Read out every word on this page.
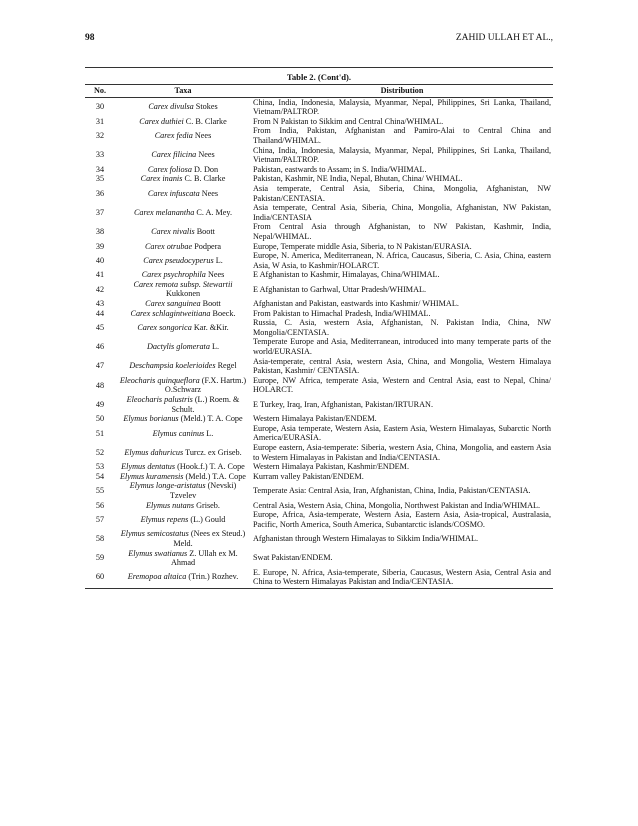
98	ZAHID ULLAH ET AL.,
Table 2. (Cont'd).
No.	Taxa	Distribution
30	Carex divulsa Stokes	China, India, Indonesia, Malaysia, Myanmar, Nepal, Philippines, Sri Lanka, Thailand, Vietnam/PALTROP.
31	Carex duthiei C. B. Clarke	From N Pakistan to Sikkim and Central China/WHIMAL.
32	Carex fedia Nees	From India, Pakistan, Afghanistan and Pamiro-Alai to Central China and Thailand/WHIMAL.
33	Carex filicina Nees	China, India, Indonesia, Malaysia, Myanmar, Nepal, Philippines, Sri Lanka, Thailand, Vietnam/PALTROP.
34	Carex foliosa D. Don	Pakistan, eastwards to Assam; in S. India/WHIMAL.
35	Carex inanis C. B. Clarke	Pakistan, Kashmir, NE India, Nepal, Bhutan, China/ WHIMAL.
36	Carex infuscata Nees	Asia temperate, Central Asia, Siberia, China, Mongolia, Afghanistan, NW Pakistan/CENTASIA.
37	Carex melanantha C. A. Mey.	Asia temperate, Central Asia, Siberia, China, Mongolia, Afghanistan, NW Pakistan, India/CENTASIA
38	Carex nivalis Boott	From Central Asia through Afghanistan, to NW Pakistan, Kashmir, India, Nepal/WHIMAL.
39	Carex otrubae Podpera	Europe, Temperate middle Asia, Siberia, to N Pakistan/EURASIA.
40	Carex pseudocyperus L.	Europe, N. America, Mediterranean, N. Africa, Caucasus, Siberia, C. Asia, China, eastern Asia, W Asia, to Kashmir/HOLARCT.
41	Carex psychrophila Nees	E Afghanistan to Kashmir, Himalayas, China/WHIMAL.
42	Carex remota subsp. Stewartii Kukkonen	E Afghanistan to Garhwal, Uttar Pradesh/WHIMAL.
43	Carex sanguinea Boott	Afghanistan and Pakistan, eastwards into Kashmir/ WHIMAL.
44	Carex schlagintweitiana Boeck.	From Pakistan to Himachal Pradesh, India/WHIMAL.
45	Carex songorica Kar. &Kir.	Russia, C. Asia, western Asia, Afghanistan, N. Pakistan India, China, NW Mongolia/CENTASIA.
46	Dactylis glomerata L.	Temperate Europe and Asia, Mediterranean, introduced into many temperate parts of the world/EURASIA.
47	Deschampsia koelerioides Regel	Asia-temperate, central Asia, western Asia, China, and Mongolia, Western Himalaya Pakistan, Kashmir/ CENTASIA.
48	Eleocharis quinqueflora (F.X. Hartm.) O.Schwarz	Europe, NW Africa, temperate Asia, Western and Central Asia, east to Nepal, China/ HOLARCT.
49	Eleocharis palustris (L.) Roem. & Schult.	E Turkey, Iraq, Iran, Afghanistan, Pakistan/IRTURAN.
50	Elymus borianus (Meld.) T. A. Cope	Western Himalaya Pakistan/ENDEM.
51	Elymus caninus L.	Europe, Asia temperate, Western Asia, Eastern Asia, Western Himalayas, Subarctic North America/EURASIA.
52	Elymus dahuricus Turcz. ex Griseb.	Europe eastern, Asia-temperate: Siberia, western Asia, China, Mongolia, and eastern Asia to Western Himalayas in Pakistan and India/CENTASIA.
53	Elymus dentatus (Hook.f.) T. A. Cope	Western Himalaya Pakistan, Kashmir/ENDEM.
54	Elymus kuramensis (Meld.) T.A. Cope	Kurram valley Pakistan/ENDEM.
55	Elymus longe-aristatus (Nevski) Tzvelev	Temperate Asia: Central Asia, Iran, Afghanistan, China, India, Pakistan/CENTASIA.
56	Elymus nutans Griseb.	Central Asia, Western Asia, China, Mongolia, Northwest Pakistan and India/WHIMAL.
57	Elymus repens (L.) Gould	Europe, Africa, Asia-temperate, Western Asia, Eastern Asia, Asia-tropical, Australasia, Pacific, North America, South America, Subantarctic islands/COSMO.
58	Elymus semicostatus (Nees ex Steud.) Meld.	Afghanistan through Western Himalayas to Sikkim India/WHIMAL.
59	Elymus swatianus Z. Ullah ex M. Ahmad	Swat Pakistan/ENDEM.
60	Eremopoa altaica (Trin.) Rozhev.	E. Europe, N. Africa, Asia-temperate, Siberia, Caucasus, Western Asia, Central Asia and China to Western Himalayas Pakistan and India/CENTASIA.
